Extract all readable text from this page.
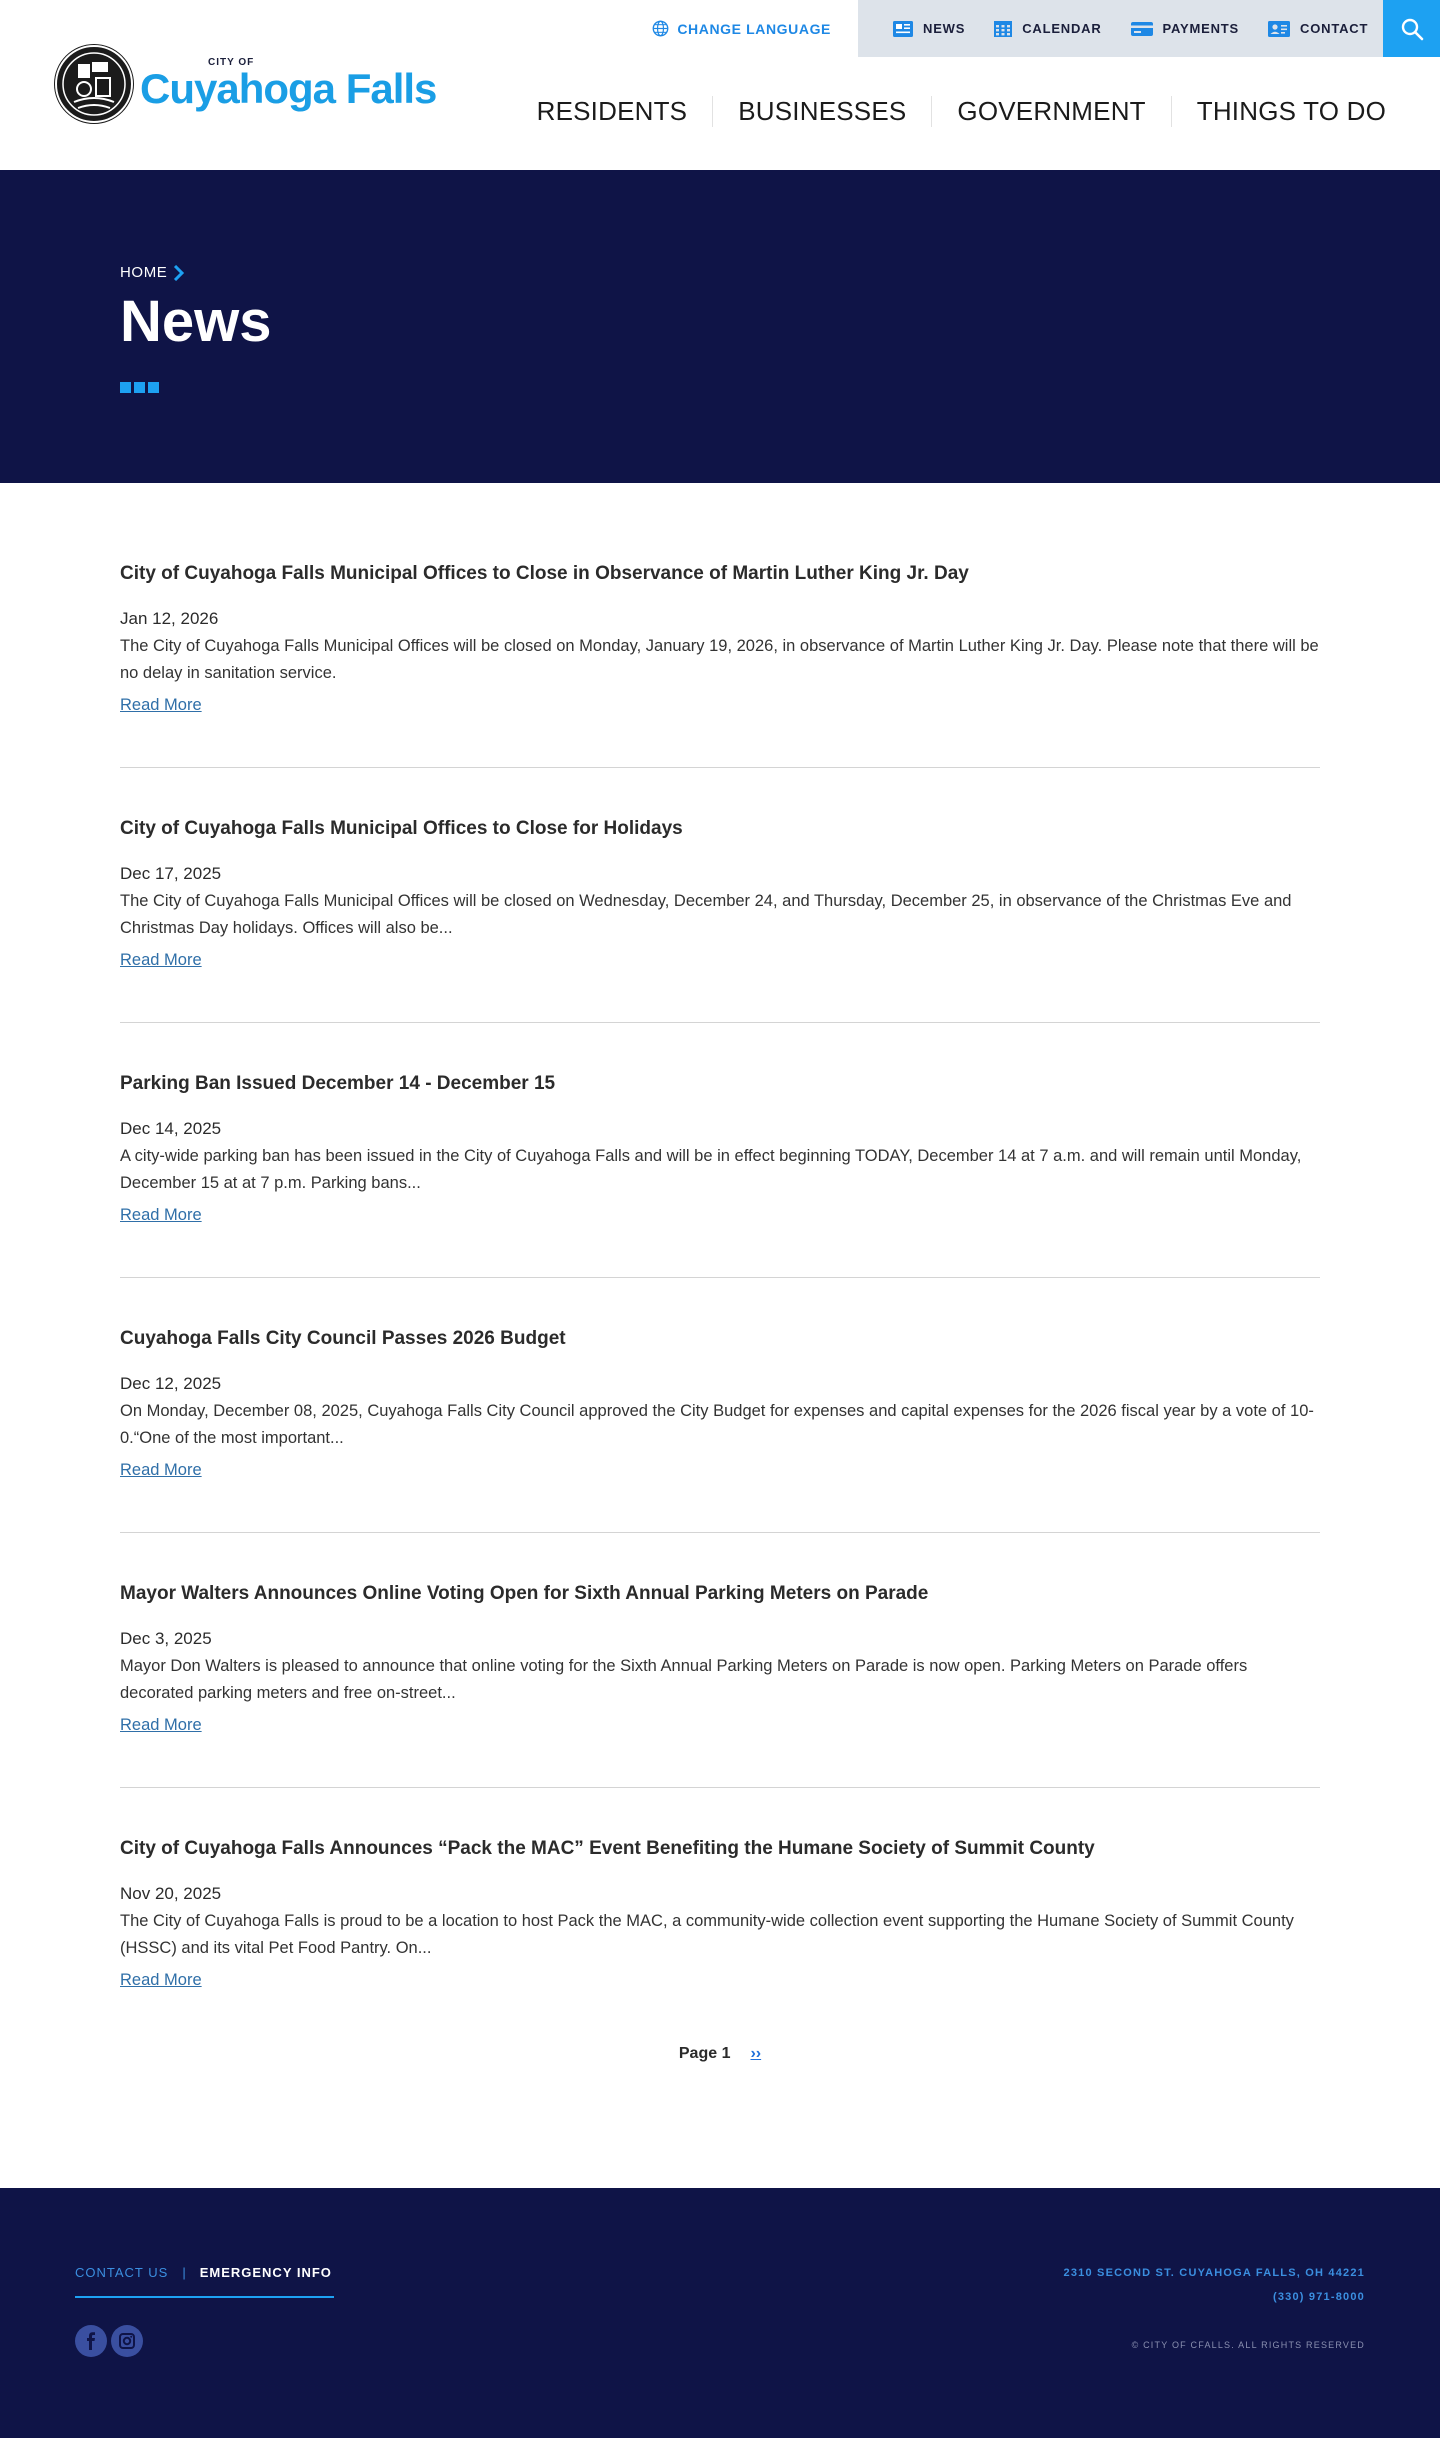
CITY OF
Cuyahoga Falls
CHANGE LANGUAGE	NEWS	CALENDAR	PAYMENTS	CONTACT
RESIDENTS	BUSINESSES	GOVERNMENT	THINGS TO DO
HOME
News
City of Cuyahoga Falls Municipal Offices to Close in Observance of Martin Luther King Jr. Day
Jan 12, 2026

The City of Cuyahoga Falls Municipal Offices will be closed on Monday, January 19, 2026, in observance of Martin Luther King Jr. Day. Please note that there will be no delay in sanitation service.

Read More
City of Cuyahoga Falls Municipal Offices to Close for Holidays
Dec 17, 2025

The City of Cuyahoga Falls Municipal Offices will be closed on Wednesday, December 24, and Thursday, December 25, in observance of the Christmas Eve and Christmas Day holidays. Offices will also be...

Read More
Parking Ban Issued December 14 - December 15
Dec 14, 2025

A city-wide parking ban has been issued in the City of Cuyahoga Falls and will be in effect beginning TODAY, December 14 at 7 a.m. and will remain until Monday, December 15 at at 7 p.m. Parking bans...

Read More
Cuyahoga Falls City Council Passes 2026 Budget
Dec 12, 2025

On Monday, December 08, 2025, Cuyahoga Falls City Council approved the City Budget for expenses and capital expenses for the 2026 fiscal year by a vote of 10-0.“One of the most important...

Read More
Mayor Walters Announces Online Voting Open for Sixth Annual Parking Meters on Parade
Dec 3, 2025

Mayor Don Walters is pleased to announce that online voting for the Sixth Annual Parking Meters on Parade is now open. Parking Meters on Parade offers decorated parking meters and free on-street...

Read More
City of Cuyahoga Falls Announces “Pack the MAC” Event Benefiting the Humane Society of Summit County
Nov 20, 2025

The City of Cuyahoga Falls is proud to be a location to host Pack the MAC, a community-wide collection event supporting the Humane Society of Summit County (HSSC) and its vital Pet Food Pantry. On...

Read More
Page 1 ››
CONTACT US | EMERGENCY INFO	2310 SECOND ST. CUYAHOGA FALLS, OH 44221
(330) 971-8000
© CITY OF CFALLS. ALL RIGHTS RESERVED
